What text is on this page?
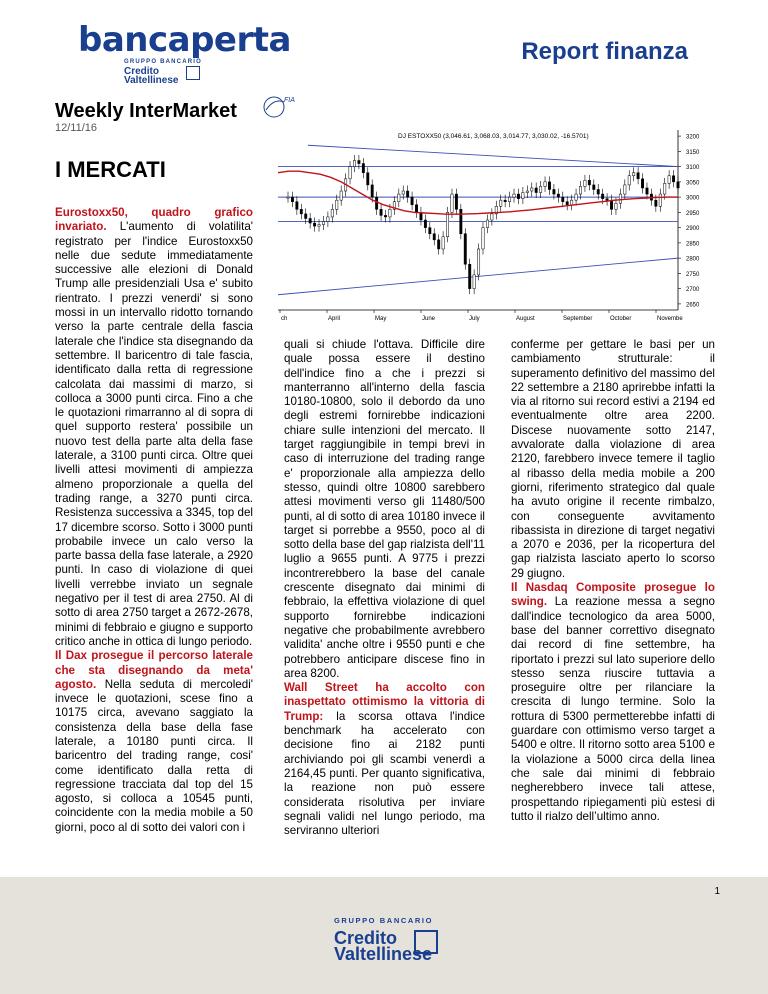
bancaperta
GRUPPO BANCARIO
Credito
Valtellinese
Report finanza
Weekly InterMarket
12/11/16
I MERCATI
FIA
DJ ESTOXX50 (3,046.61, 3,068.03, 3,014.77, 3,030.02, -16.5701)
2650
2700
2750
2800
2850
2900
2950
3000
3050
3100
3150
3200
ch	April	May	June	July	August	September	October	Novembe

Eurostoxx50, quadro grafico invariato. L'aumento di volatilita' registrato per l'indice Eurostoxx50 nelle due sedute immediatamente successive alle elezioni di Donald Trump alle presidenziali Usa e' subito rientrato. I prezzi venerdi' si sono mossi in un intervallo ridotto tornando verso la parte centrale della fascia laterale che l'indice sta disegnando da settembre. Il baricentro di tale fascia, identificato dalla retta di regressione calcolata dai massimi di marzo, si colloca a 3000 punti circa. Fino a che le quotazioni rimarranno al di sopra di quel supporto restera' possibile un nuovo test della parte alta della fase laterale, a 3100 punti circa. Oltre quei livelli attesi movimenti di ampiezza almeno proporzionale a quella del trading range, a 3270 punti circa. Resistenza successiva a 3345, top del 17 dicembre scorso. Sotto i 3000 punti probabile invece un calo verso la parte bassa della fase laterale, a 2920 punti. In caso di violazione di quei livelli verrebbe inviato un segnale negativo per il test di area 2750. Al di sotto di area 2750 target a 2672-2678, minimi di febbraio e giugno e supporto critico anche in ottica di lungo periodo.

Il Dax prosegue il percorso laterale che sta disegnando da meta' agosto. Nella seduta di mercoledi' invece le quotazioni, scese fino a 10175 circa, avevano saggiato la consistenza della base della fase laterale, a 10180 punti circa. Il baricentro del trading range, cosi' come identificato dalla retta di regressione tracciata dal top del 15 agosto, si colloca a 10545 punti, coincidente con la media mobile a 50 giorni, poco al di sotto dei valori con i

quali si chiude l'ottava. Difficile dire quale possa essere il destino dell'indice fino a che i prezzi si manterranno all'interno della fascia 10180-10800, solo il debordo da uno degli estremi fornirebbe indicazioni chiare sulle intenzioni del mercato. Il target raggiungibile in tempi brevi in caso di interruzione del trading range e' proporzionale alla ampiezza dello stesso, quindi oltre 10800 sarebbero attesi movimenti verso gli 11480/500 punti, al di sotto di area 10180 invece il target si porrebbe a 9550, poco al di sotto della base del gap rialzista dell'11 luglio a 9655 punti. A 9775 i prezzi incontrerebbero la base del canale crescente disegnato dai minimi di febbraio, la effettiva violazione di quel supporto fornirebbe indicazioni negative che probabilmente avrebbero validita' anche oltre i 9550 punti e che potrebbero anticipare discese fino in area 8200.

Wall Street ha accolto con inaspettato ottimismo la vittoria di Trump: la scorsa ottava l'indice benchmark ha accelerato con decisione fino ai 2182 punti archiviando poi gli scambi venerdì a 2164,45 punti. Per quanto significativa, la reazione non può essere considerata risolutiva per inviare segnali validi nel lungo periodo, ma serviranno ulteriori

conferme per gettare le basi per un cambiamento strutturale: il superamento definitivo del massimo del 22 settembre a 2180 aprirebbe infatti la via al ritorno sui record estivi a 2194 ed eventualmente oltre area 2200. Discese nuovamente sotto 2147, avvalorate dalla violazione di area 2120, farebbero invece temere il taglio al ribasso della media mobile a 200 giorni, riferimento strategico dal quale ha avuto origine il recente rimbalzo, con conseguente avvitamento ribassista in direzione di target negativi a 2070 e 2036, per la ricopertura del gap rialzista lasciato aperto lo scorso 29 giugno.

Il Nasdaq Composite prosegue lo swing. La reazione messa a segno dall'indice tecnologico da area 5000, base del banner correttivo disegnato dai record di fine settembre, ha riportato i prezzi sul lato superiore dello stesso senza riuscire tuttavia a proseguire oltre per rilanciare la crescita di lungo termine. Solo la rottura di 5300 permetterebbe infatti di guardare con ottimismo verso target a 5400 e oltre. Il ritorno sotto area 5100 e la violazione a 5000 circa della linea che sale dai minimi di febbraio negherebbero invece tali attese, prospettando ripiegamenti più estesi di tutto il rialzo dell’ultimo anno.

1
GRUPPO BANCARIO
Credito
Valtellinese
